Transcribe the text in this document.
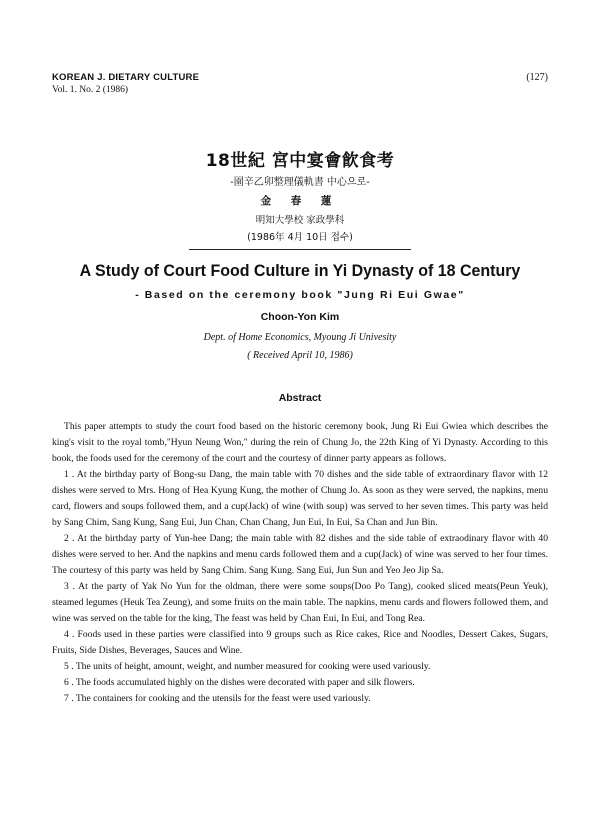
KOREAN J. DIETARY CULTURE
Vol. 1. No. 2 (1986)
(127)
18世紀 宮中宴會飮食考
-園辛乙卯整理儀軌書 中心으로-
金 春 蓮
明知大學校 家政學科
(1986年 4月 10日 접수)
A Study of Court Food Culture in Yi Dynasty of 18 Century
- Based on the ceremony book "Jung Ri Eui Gwae"
Choon-Yon Kim
Dept. of Home Economics, Myoung Ji Univesity
( Received April 10, 1986)
Abstract

This paper attempts to study the court food based on the historic ceremony book, Jung Ri Eui Gwiea which describes the king's visit to the royal tomb,"Hyun Neung Won," during the rein of Chung Jo, the 22th King of Yi Dynasty. According to this book, the foods used for the ceremony of the court and the courtesy of dinner party appears as follows.

1 . At the birthday party of Bong-su Dang, the main table with 70 dishes and the side table of extraordinary flavor with 12 dishes were served to Mrs. Hong of Hea Kyung Kung, the mother of Chung Jo. As soon as they were served, the napkins, menu card, flowers and soups followed them, and a cup(Jack) of wine (with soup) was served to her seven times. This party was held by Sang Chim, Sang Kung, Sang Eui, Jun Chan, Chan Chang, Jun Eui, In Eui, Sa Chan and Jun Bin.

2 . At the birthday party of Yun-hee Dang; the main table with 82 dishes and the side table of extraodinary flavor with 40 dishes were served to her. And the napkins and menu cards followed them and a cup(Jack) of wine was served to her four times. The courtesy of this party was held by Sang Chim. Sang Kung. Sang Eui, Jun Sun and Yeo Jeo Jip Sa.

3 . At the party of Yak No Yun for the oldman, there were some soups(Doo Po Tang), cooked sliced meats(Peun Yeuk), steamed legumes (Heuk Tea Zeung), and some fruits on the main table. The napkins, menu cards and flowers followed them, and wine was served on the table for the king, The feast was held by Chan Eui, In Eui, and Tong Rea.

4 . Foods used in these parties were classified into 9 groups such as Rice cakes, Rice and Noodles, Dessert Cakes, Sugars, Fruits, Side Dishes, Beverages, Sauces and Wine.

5 . The units of height, amount, weight, and number measured for cooking were used variously.

6 . The foods accumulated highly on the dishes were decorated with paper and silk flowers.

7 . The containers for cooking and the utensils for the feast were used variously.
